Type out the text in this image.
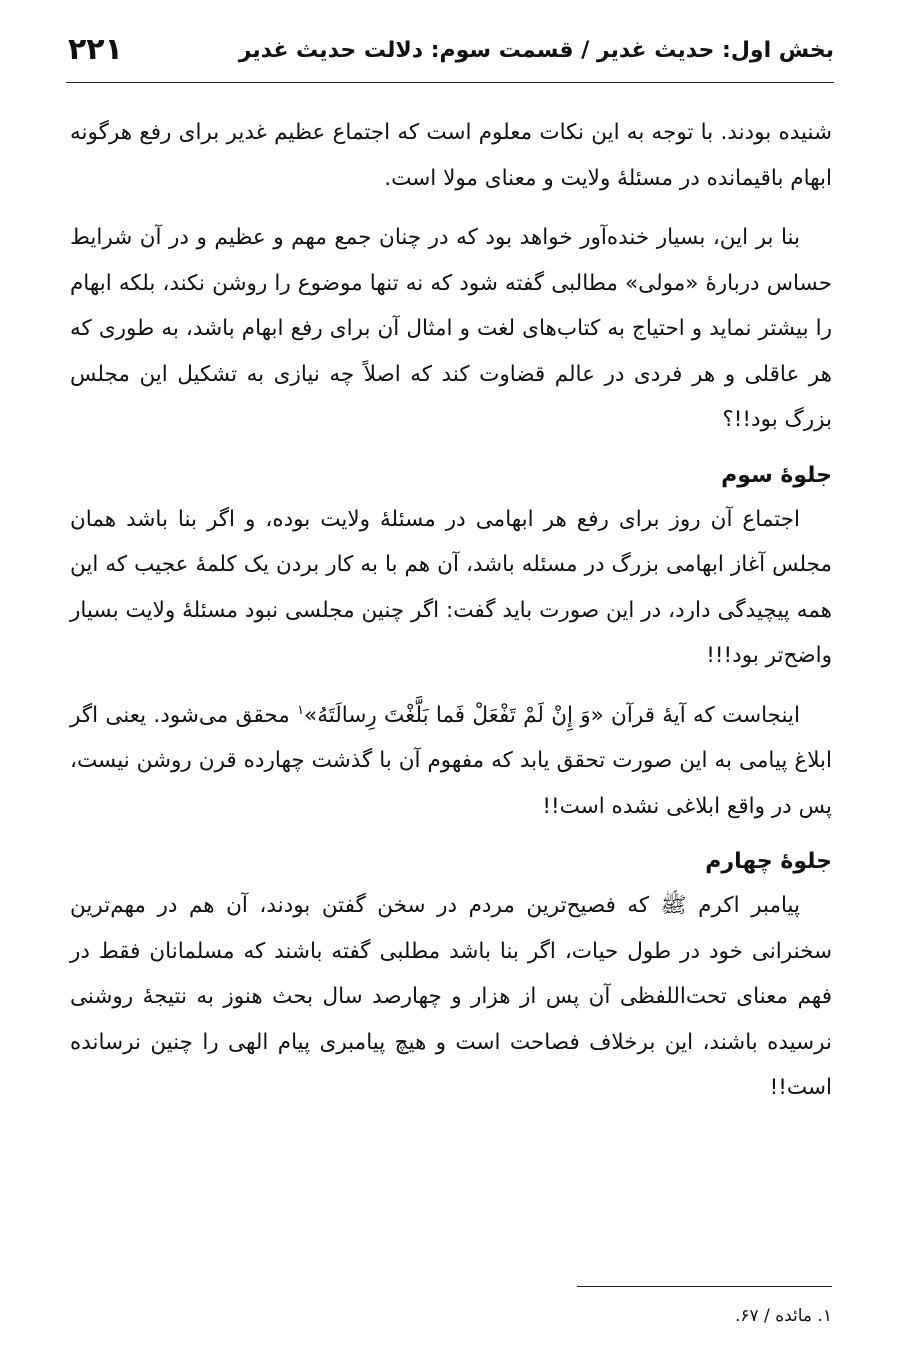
بخش اول: حدیث غدیر / قسمت سوم: دلالت حدیث غدیر
۲۲۱

شنیده بودند. با توجه به این نکات معلوم است که اجتماع عظیم غدیر برای رفع هرگونه ابهام باقیمانده در مسئلهٔ ولایت و معنای مولا است.

بنا بر این، بسیار خنده‌آور خواهد بود که در چنان جمع مهم و عظیم و در آن شرایط حساس دربارهٔ «مولی» مطالبی گفته شود که نه تنها موضوع را روشن نکند، بلکه ابهام را بیشتر نماید و احتیاج به کتاب‌های لغت و امثال آن برای رفع ابهام باشد، به طوری که هر عاقلی و هر فردی در عالم قضاوت کند که اصلاً چه نیازی به تشکیل این مجلس بزرگ بود!!؟

جلوهٔ سوم

اجتماع آن روز برای رفع هر ابهامی در مسئلهٔ ولایت بوده، و اگر بنا باشد همان مجلس آغاز ابهامی بزرگ در مسئله باشد، آن هم با به کار بردن یک کلمهٔ عجیب که این همه پیچیدگی دارد، در این صورت باید گفت: اگر چنین مجلسی نبود مسئلهٔ ولایت بسیار واضح‌تر بود!!!

اینجاست که آیهٔ قرآن «وَ إِنْ لَمْ تَفْعَلْ فَما بَلَّغْتَ رِسالَتَهُ»$^۱$ محقق می‌شود. یعنی اگر ابلاغ پیامی به این صورت تحقق یابد که مفهوم آن با گذشت چهارده قرن روشن نیست، پس در واقع ابلاغی نشده است!!

جلوهٔ چهارم

پیامبر اکرم ﷺ که فصیح‌ترین مردم در سخن گفتن بودند، آن هم در مهم‌ترین سخنرانی خود در طول حیات، اگر بنا باشد مطلبی گفته باشند که مسلمانان فقط در فهم معنای تحت‌اللفظی آن پس از هزار و چهارصد سال بحث هنوز به نتیجهٔ روشنی نرسیده باشند، این برخلاف فصاحت است و هیچ پیامبری پیام الهی را چنین نرسانده است!!

۱. مائده / ۶۷.
